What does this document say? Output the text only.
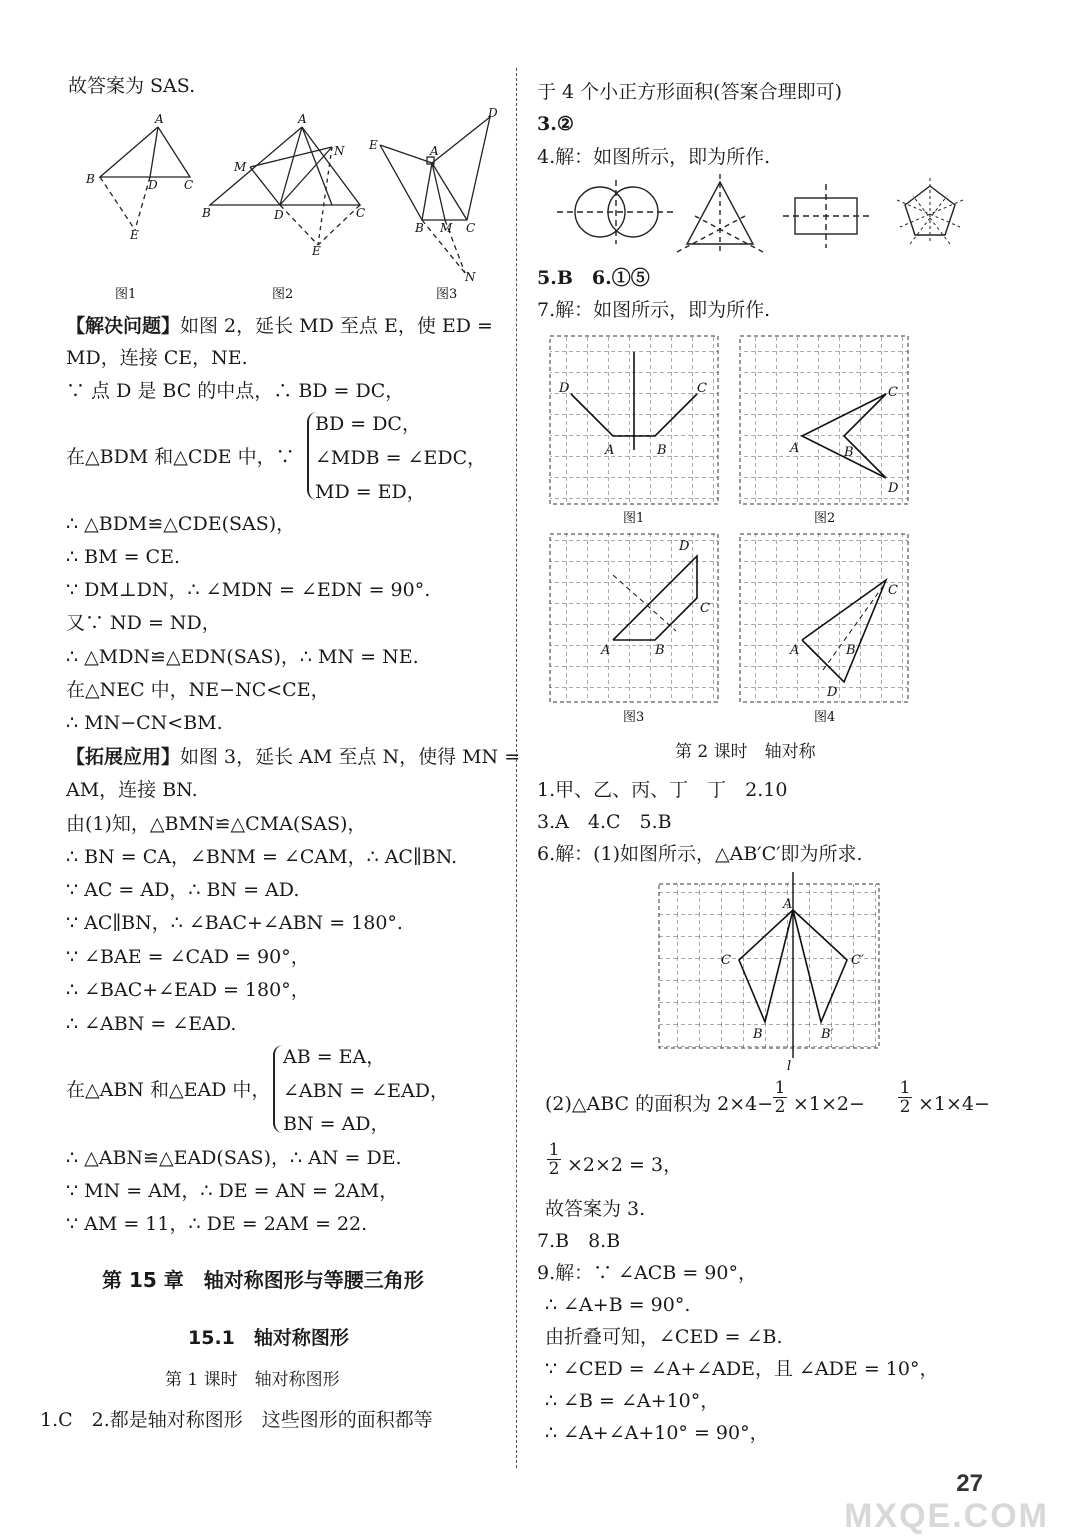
故答案为 SAS.
A
B	D C
E
A
M
N
B	D	C
E
E	A
D
B M C
N
图1	图2	图3
【解决问题】如图 2，延长 MD 至点 E，使 ED =
MD，连接 CE，NE.
∵ 点 D 是 BC 的中点，∴ BD = DC，
在△BDM 和△CDE 中，∵
BD = DC，
∠MDB = ∠EDC，
MD = ED，
∴ △BDM≌△CDE(SAS)，
∴ BM = CE.
∵ DM⊥DN，∴ ∠MDN = ∠EDN = 90°.
又∵ ND = ND，
∴ △MDN≌△EDN(SAS)，∴ MN = NE.
在△NEC 中，NE−NC<CE，
∴ MN−CN<BM.
【拓展应用】如图 3，延长 AM 至点 N，使得 MN =
AM，连接 BN.
由(1)知，△BMN≌△CMA(SAS)，
∴ BN = CA，∠BNM = ∠CAM，∴ AC∥BN.
∵ AC = AD，∴ BN = AD.
∵ AC∥BN，∴ ∠BAC+∠ABN = 180°.
∵ ∠BAE = ∠CAD = 90°，
∴ ∠BAC+∠EAD = 180°，
∴ ∠ABN = ∠EAD.
在△ABN 和△EAD 中，
AB = EA，
∠ABN = ∠EAD，
BN = AD，
∴ △ABN≌△EAD(SAS)，∴ AN = DE.
∵ MN = AM，∴ DE = AN = 2AM，
∵ AM = 11，∴ DE = 2AM = 22.
第 15 章　轴对称图形与等腰三角形
15.1　轴对称图形
第 1 课时　轴对称图形
1.C　2.都是轴对称图形　这些图形的面积都等
于 4 个小正方形面积(答案合理即可)
3.②
4.解：如图所示，即为所作.
5.B　6.①⑤
7.解：如图所示，即为所作.
D	C
A	B
C
A	B
D
D
C
A	B
C
A	B
D
图1	图2
图3	图4
第 2 课时　轴对称
1.甲、乙、丙、丁　丁　2.10
3.A　4.C　5.B
6.解：(1)如图所示，△AB′C′即为所求.
A
C	C′
B	B′
l
(2)△ABC 的面积为 $2\times 4- \frac{1}{2} \times 1\times 2- \frac{1}{2} \times 1\times 4-$
$\frac{1}{2} \times 2\times 2 = 3$，
故答案为 3.
7.B　8.B
9.解：∵ ∠ACB = 90°，
∴ ∠A+B = 90°.
由折叠可知，∠CED = ∠B.
∵ ∠CED = ∠A+∠ADE，且 ∠ADE = 10°，
∴ ∠B = ∠A+10°，
∴ ∠A+∠A+10° = 90°，
27
MXQE.COM
